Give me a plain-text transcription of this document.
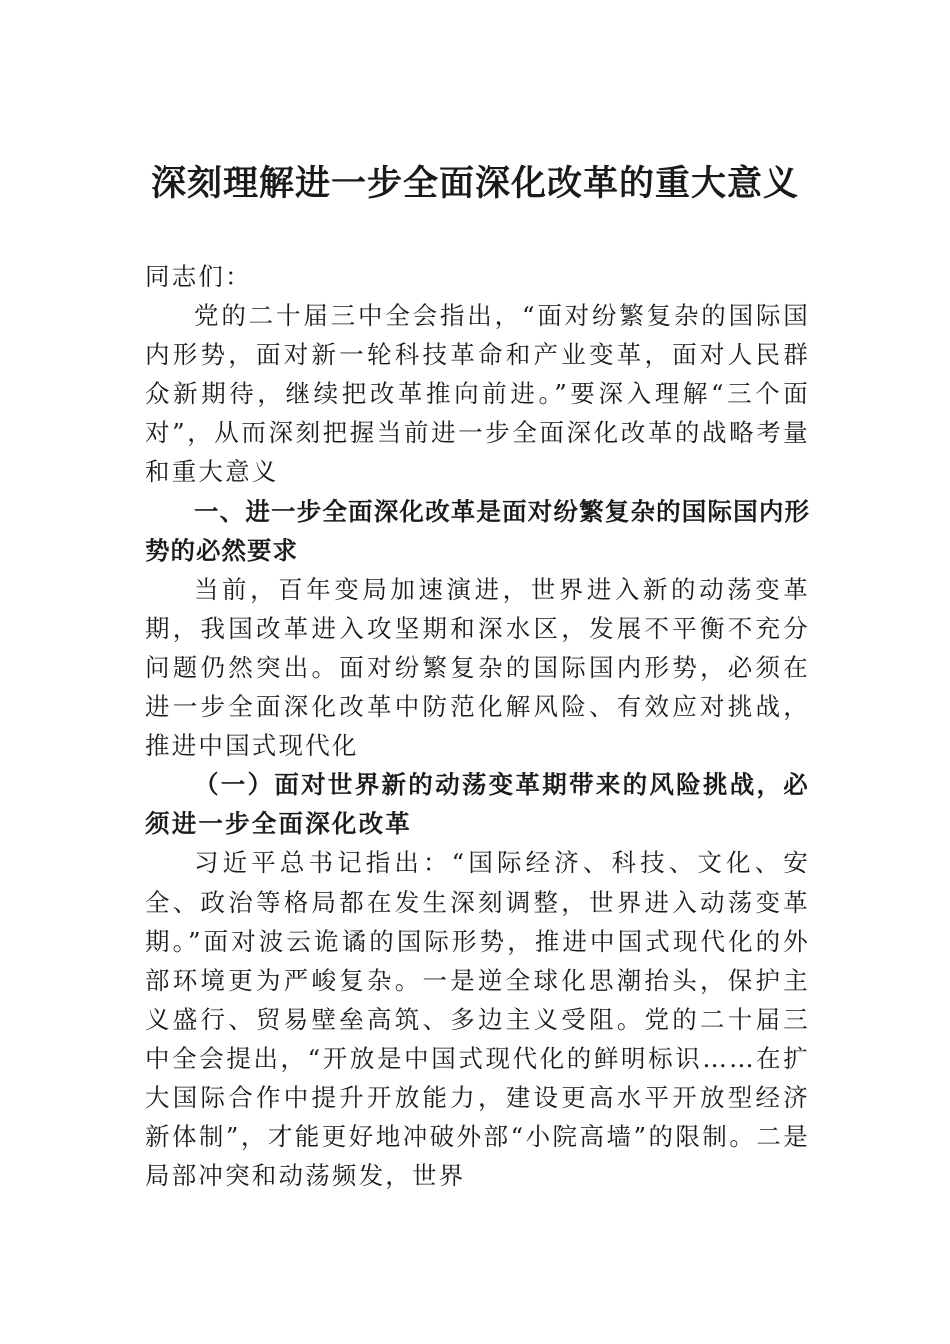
深刻理解进一步全面深化改革的重大意义

同志们：

党的二十届三中全会指出，“面对纷繁复杂的国际国内形势，面对新一轮科技革命和产业变革，面对人民群众新期待，继续把改革推向前进。”要深入理解“三个面对”，从而深刻把握当前进一步全面深化改革的战略考量和重大意义

一、进一步全面深化改革是面对纷繁复杂的国际国内形势的必然要求

当前，百年变局加速演进，世界进入新的动荡变革期，我国改革进入攻坚期和深水区，发展不平衡不充分问题仍然突出。面对纷繁复杂的国际国内形势，必须在进一步全面深化改革中防范化解风险、有效应对挑战，推进中国式现代化

（一）面对世界新的动荡变革期带来的风险挑战，必须进一步全面深化改革

习近平总书记指出：“国际经济、科技、文化、安全、政治等格局都在发生深刻调整，世界进入动荡变革期。”面对波云诡谲的国际形势，推进中国式现代化的外部环境更为严峻复杂。一是逆全球化思潮抬头，保护主义盛行、贸易壁垒高筑、多边主义受阻。党的二十届三中全会提出，“开放是中国式现代化的鲜明标识……在扩大国际合作中提升开放能力，建设更高水平开放型经济新体制”，才能更好地冲破外部“小院高墙”的限制。二是局部冲突和动荡频发，世界
